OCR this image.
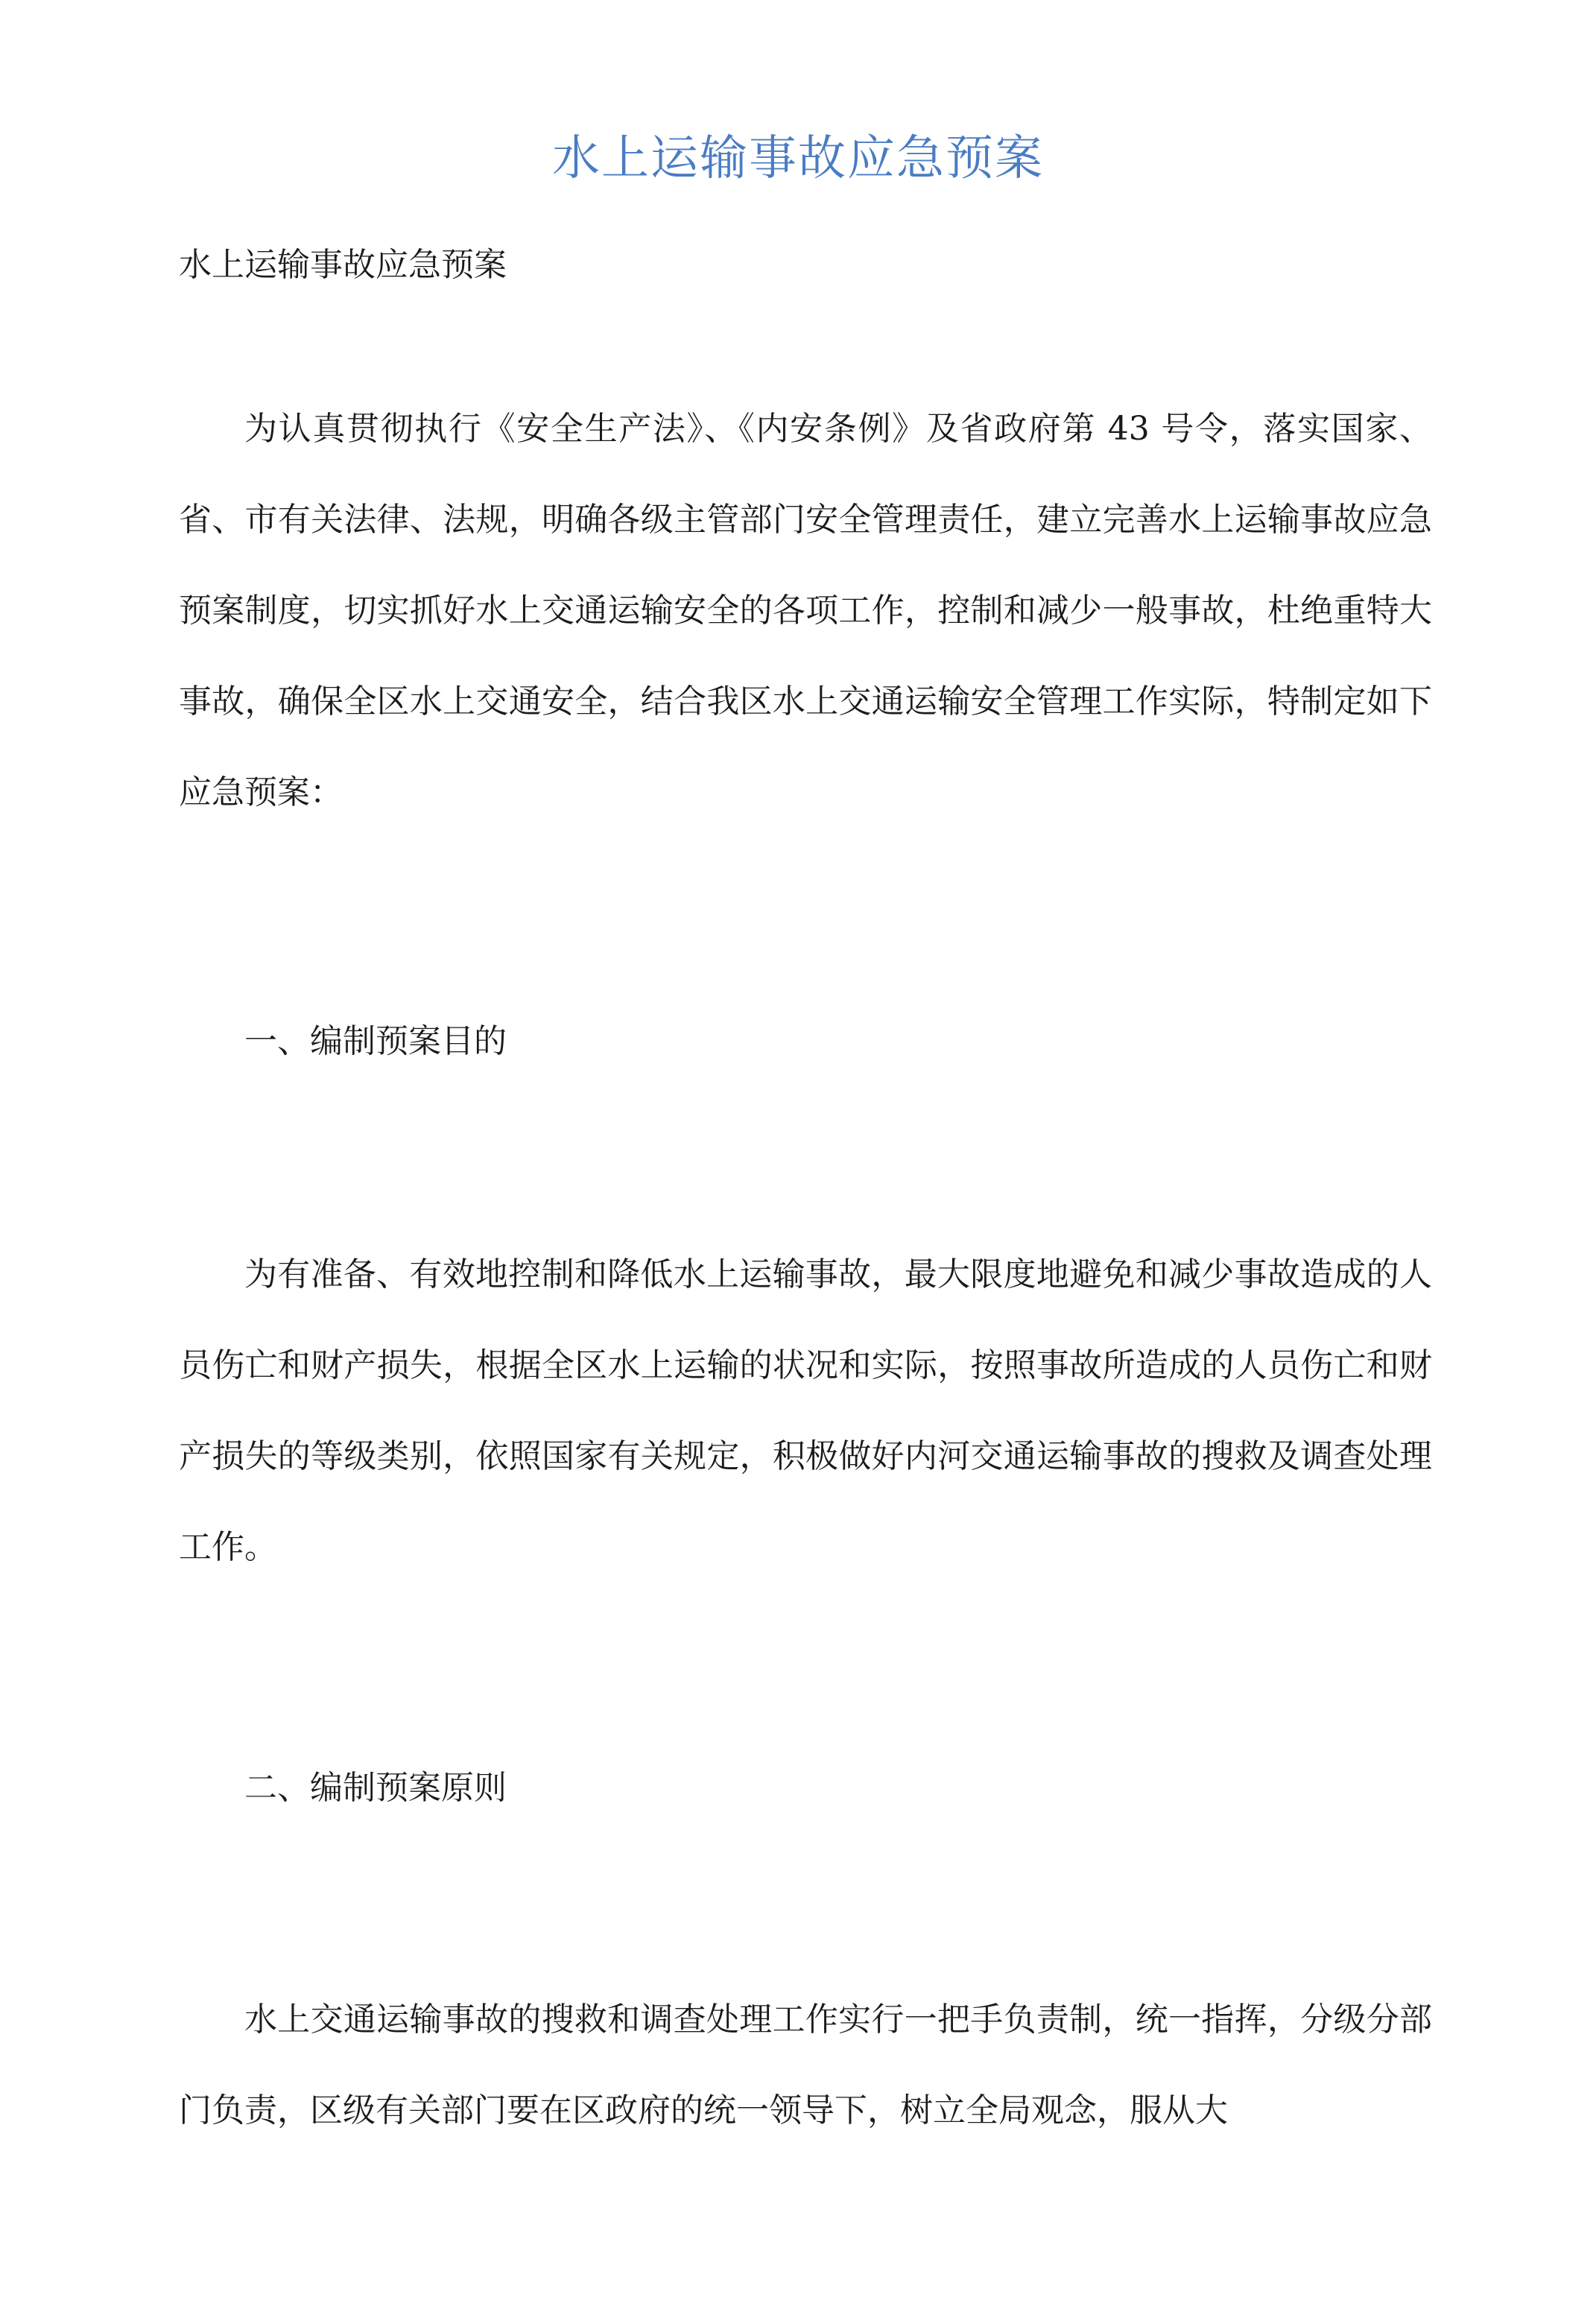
水上运输事故应急预案

水上运输事故应急预案

为认真贯彻执行《安全生产法》、《内安条例》及省政府第 43 号令，落实国家、省、市有关法律、法规，明确各级主管部门安全管理责任，建立完善水上运输事故应急预案制度，切实抓好水上交通运输安全的各项工作，控制和减少一般事故，杜绝重特大事故，确保全区水上交通安全，结合我区水上交通运输安全管理工作实际，特制定如下应急预案：

一、编制预案目的

为有准备、有效地控制和降低水上运输事故，最大限度地避免和减少事故造成的人员伤亡和财产损失，根据全区水上运输的状况和实际，按照事故所造成的人员伤亡和财产损失的等级类别，依照国家有关规定，积极做好内河交通运输事故的搜救及调查处理工作。

二、编制预案原则

水上交通运输事故的搜救和调查处理工作实行一把手负责制，统一指挥，分级分部门负责，区级有关部门要在区政府的统一领导下，树立全局观念，服从大
